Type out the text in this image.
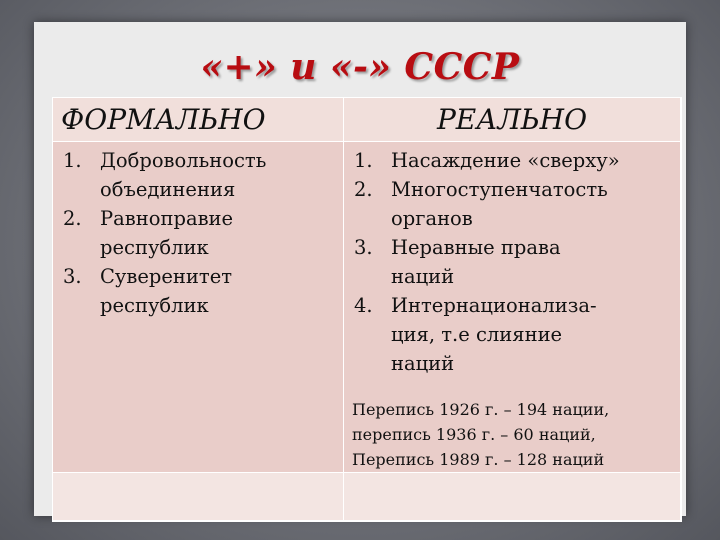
«+» и «-» СССР
ФОРМАЛЬНО	РЕАЛЬНО
1. Добровольность
объединения
2. Равноправие
республик
3. Суверенитет
республик
1. Насаждение «сверху»
2. Многоступенчатость
органов
3. Неравные права
наций
4. Интернационализа-
ция, т.е слияние
наций
Перепись 1926 г. – 194 нации,
перепись 1936 г. – 60 наций,
Перепись 1989 г. – 128 наций
